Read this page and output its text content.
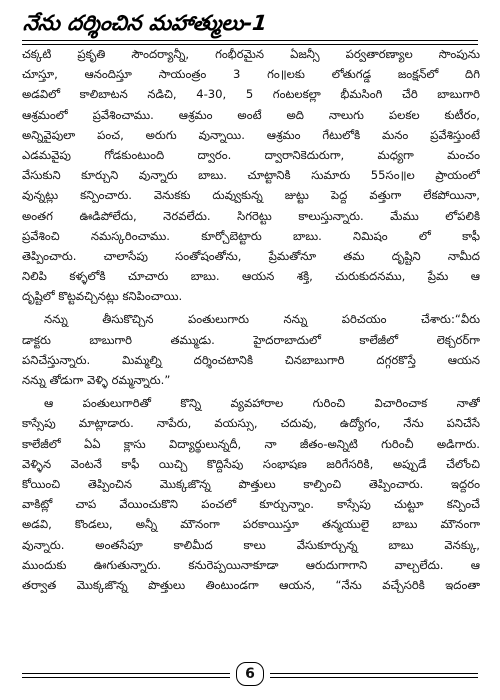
నేను దర్శించిన మహాత్ములు-1
చక్కటి ప్రకృతి సౌందర్యాన్నీ, గంభీరమైన ఏజన్సీ పర్వతారణ్యాల సొంపును
చూస్తూ, ఆనందిస్తూ సాయంత్రం 3 గం॥లకు లోతుగడ్డ జంక్షన్‌లో దిగి
అడవిలో కాలిబాటన నడిచి, 4-30, 5 గంటలకల్లా భీమసింగి చేరి బాబుగారి
ఆశ్రమంలో ప్రవేశించాము. ఆశ్రమం అంటే అది నాలుగు పలకల కుటీరం,
అన్నివైపులా పంచ, అరుగు వున్నాయి. ఆశ్రమం గేటులోకి మనం ప్రవేశిస్తుంటే
ఎడమవైపు గోడకుంటుంది ద్వారం. ద్వారానికెదురుగా, మధ్యగా మంచం
వేసుకుని కూర్చుని వున్నారు బాబు. చూట్టానికి సుమారు 55సం॥ల ప్రాయంలో
వున్నట్లు కన్పించారు. వెనుకకు దువ్వుకున్న జుట్టు పెద్ద వత్తుగా లేకపోయినా,
అంతగ ఊడిపోలేదు, నెరవలేదు. సిగరెట్టు కాలుస్తున్నారు. మేము లోపలికి
ప్రవేశించి నమస్కరించాము. కూర్చోబెట్టారు బాబు. నిమిషం లో కాఫీ
తెప్పించారు. చాలాసేపు సంతోషంతోను, ప్రేమతోనూ తమ దృష్టిని నామీద
నిలిపి కళ్ళలోకి చూచారు బాబు. ఆయన శక్తి, చురుకుదనము, ప్రేమ ఆ
దృష్టిలో కొట్టవచ్చినట్లు కనిపించాయి.
నన్ను తీసుకొచ్చిన పంతులుగారు నన్ను పరిచయం చేశారు:“వీరు
డాక్టరు బాబుగారి తమ్ముడు. హైదరాబాదులో కాలేజీలో లెక్చరర్‌గా
పనిచేస్తున్నారు. మిమ్మల్ని దర్శించటానికి చినబాబుగారి దగ్గరకొస్తే ఆయన
నన్ను తోడుగా వెళ్ళి రమ్మన్నారు.”
ఆ పంతులుగారితో కొన్ని వ్యవహారాల గురించి విచారించాక నాతో
కాస్సేపు మాట్లాడారు. నాపేరు, వయస్సు, చదువు, ఉద్యోగం, నేను పనిచేసే
కాలేజీలో ఏఏ క్లాసు విద్యార్థులున్నదీ, నా జీతం-అన్నిటి గురించీ అడిగారు.
వెళ్ళిన వెంటనే కాఫీ యిచ్చి కొద్దిసేపు సంభాషణ జరిగేసరికి, అప్పుడే చేలోంచి
కోయించి తెప్పించిన మొక్కజొన్న పొత్తులు కాల్పించి తెప్పించారు. ఇద్దరం
వాకిట్లో చాప వేయించుకొని పంచలో కూర్చున్నాం. కాస్సేపు చుట్టూ కన్పించే
అడవి, కొండలు, అన్నీ మౌనంగా పరకాయిస్తూ తన్మయులై బాబు మౌనంగా
వున్నారు. అంతసేపూ కాలిమీద కాలు వేసుకూర్చున్న బాబు వెనక్కు,
ముందుకు ఊగుతున్నారు. కనురెప్పయినాకూడా ఆరుదుగాగాని వాల్చలేదు. ఆ
తర్వాత మొక్కజొన్న పొత్తులు తింటుండగా ఆయన, “నేను వచ్చేసరికి ఇదంతా
6
